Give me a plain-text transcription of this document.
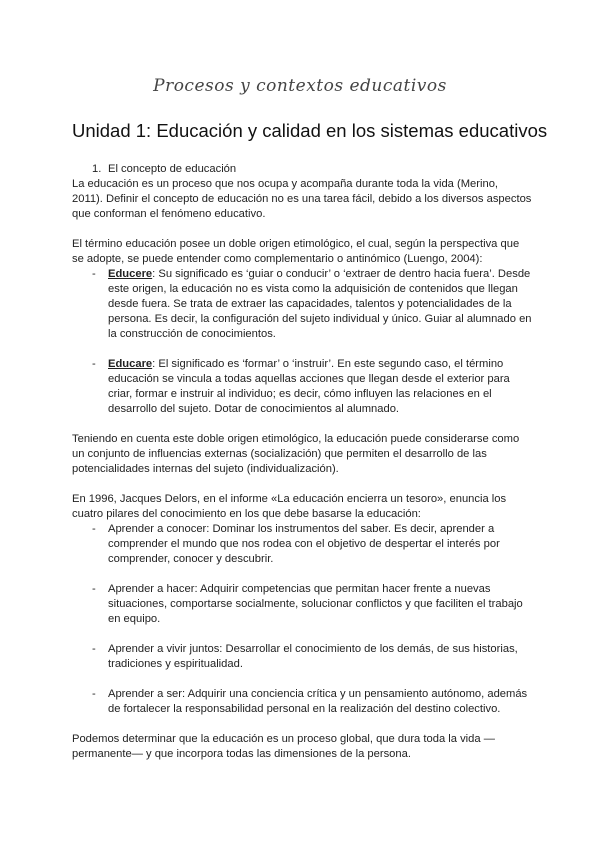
Procesos y contextos educativos
Unidad 1: Educación y calidad en los sistemas educativos
1. El concepto de educación

La educación es un proceso que nos ocupa y acompaña durante toda la vida (Merino, 2011). Definir el concepto de educación no es una tarea fácil, debido a los diversos aspectos que conforman el fenómeno educativo.

El término educación posee un doble origen etimológico, el cual, según la perspectiva que se adopte, se puede entender como complementario o antinómico (Luengo, 2004):

- Educere: Su significado es ‘guiar o conducir’ o ‘extraer de dentro hacia fuera’. Desde este origen, la educación no es vista como la adquisición de contenidos que llegan desde fuera. Se trata de extraer las capacidades, talentos y potencialidades de la persona. Es decir, la configuración del sujeto individual y único. Guiar al alumnado en la construcción de conocimientos.
- Educare: El significado es ‘formar’ o ‘instruir’. En este segundo caso, el término educación se vincula a todas aquellas acciones que llegan desde el exterior para criar, formar e instruir al individuo; es decir, cómo influyen las relaciones en el desarrollo del sujeto. Dotar de conocimientos al alumnado.

Teniendo en cuenta este doble origen etimológico, la educación puede considerarse como un conjunto de influencias externas (socialización) que permiten el desarrollo de las potencialidades internas del sujeto (individualización).

En 1996, Jacques Delors, en el informe «La educación encierra un tesoro», enuncia los cuatro pilares del conocimiento en los que debe basarse la educación:

- Aprender a conocer: Dominar los instrumentos del saber. Es decir, aprender a comprender el mundo que nos rodea con el objetivo de despertar el interés por comprender, conocer y descubrir.
- Aprender a hacer: Adquirir competencias que permitan hacer frente a nuevas situaciones, comportarse socialmente, solucionar conflictos y que faciliten el trabajo en equipo.
- Aprender a vivir juntos: Desarrollar el conocimiento de los demás, de sus historias, tradiciones y espiritualidad.
- Aprender a ser: Adquirir una conciencia crítica y un pensamiento autónomo, además de fortalecer la responsabilidad personal en la realización del destino colectivo.

Podemos determinar que la educación es un proceso global, que dura toda la vida —permanente— y que incorpora todas las dimensiones de la persona.
